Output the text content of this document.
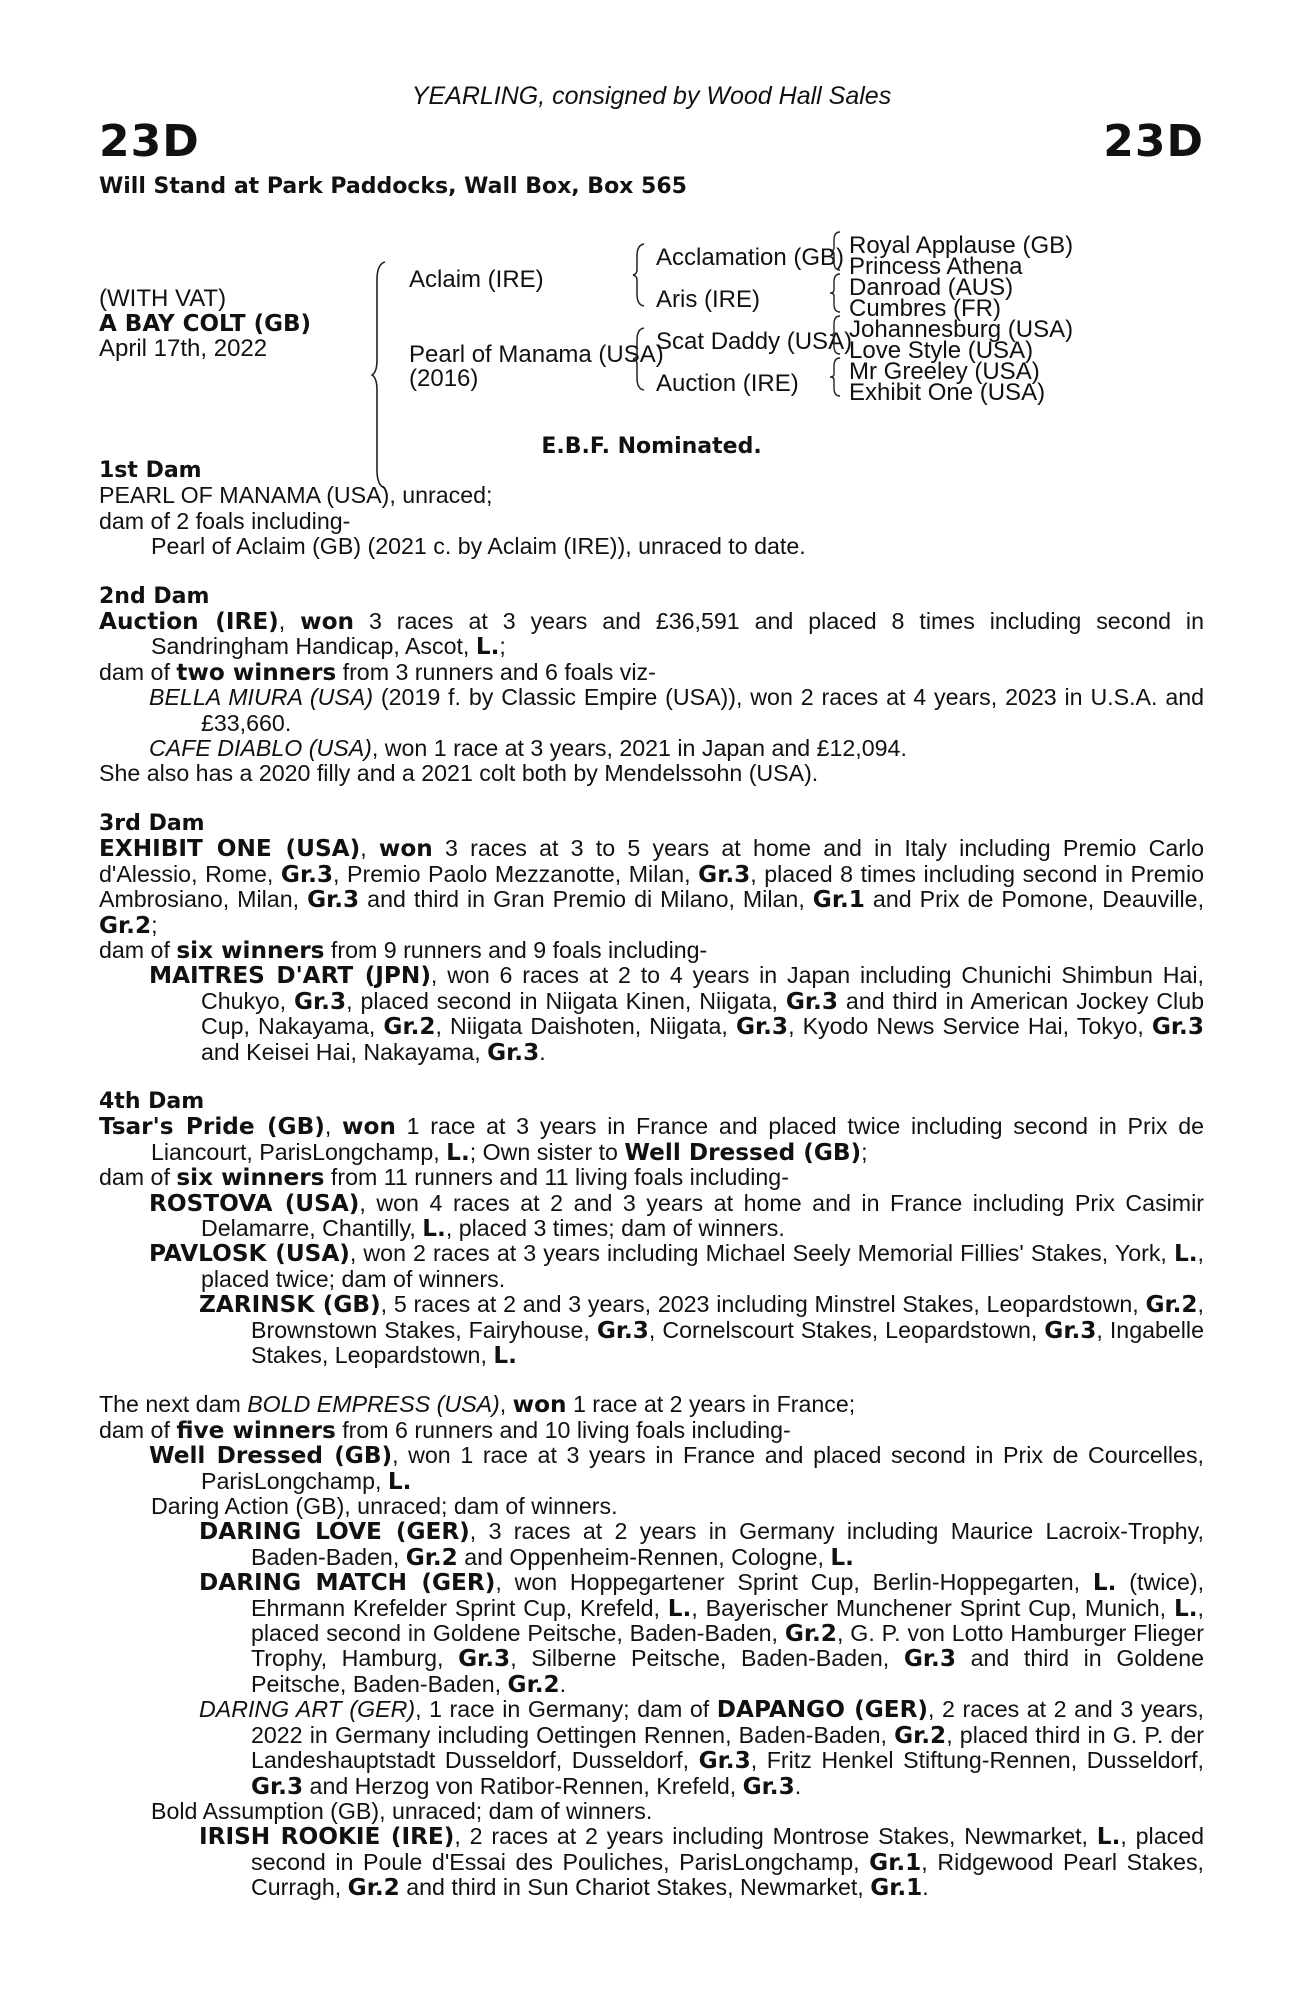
YEARLING, consigned by Wood Hall Sales
23D	23D
Will Stand at Park Paddocks, Wall Box, Box 565
(WITH VAT)
A BAY COLT (GB)
April 17th, 2022
Aclaim (IRE)
Pearl of Manama (USA)
(2016)
Acclamation (GB)
Aris (IRE)
Scat Daddy (USA)
Auction (IRE)
Royal Applause (GB)
Princess Athena
Danroad (AUS)
Cumbres (FR)
Johannesburg (USA)
Love Style (USA)
Mr Greeley (USA)
Exhibit One (USA)
E.B.F. Nominated.
1st Dam
PEARL OF MANAMA (USA), unraced;
dam of 2 foals including-
Pearl of Aclaim (GB) (2021 c. by Aclaim (IRE)), unraced to date.
2nd Dam
Auction (IRE), won 3 races at 3 years and £36,591 and placed 8 times including second in Sandringham Handicap, Ascot, L.;
dam of two winners from 3 runners and 6 foals viz-
BELLA MIURA (USA) (2019 f. by Classic Empire (USA)), won 2 races at 4 years, 2023 in U.S.A. and £33,660.
CAFE DIABLO (USA), won 1 race at 3 years, 2021 in Japan and £12,094.
She also has a 2020 filly and a 2021 colt both by Mendelssohn (USA).
3rd Dam
EXHIBIT ONE (USA), won 3 races at 3 to 5 years at home and in Italy including Premio Carlo d'Alessio, Rome, Gr.3, Premio Paolo Mezzanotte, Milan, Gr.3, placed 8 times including second in Premio Ambrosiano, Milan, Gr.3 and third in Gran Premio di Milano, Milan, Gr.1 and Prix de Pomone, Deauville, Gr.2;
dam of six winners from 9 runners and 9 foals including-
MAITRES D'ART (JPN), won 6 races at 2 to 4 years in Japan including Chunichi Shimbun Hai, Chukyo, Gr.3, placed second in Niigata Kinen, Niigata, Gr.3 and third in American Jockey Club Cup, Nakayama, Gr.2, Niigata Daishoten, Niigata, Gr.3, Kyodo News Service Hai, Tokyo, Gr.3 and Keisei Hai, Nakayama, Gr.3.
4th Dam
Tsar's Pride (GB), won 1 race at 3 years in France and placed twice including second in Prix de Liancourt, ParisLongchamp, L.; Own sister to Well Dressed (GB);
dam of six winners from 11 runners and 11 living foals including-
ROSTOVA (USA), won 4 races at 2 and 3 years at home and in France including Prix Casimir Delamarre, Chantilly, L., placed 3 times; dam of winners.
PAVLOSK (USA), won 2 races at 3 years including Michael Seely Memorial Fillies' Stakes, York, L., placed twice; dam of winners.
ZARINSK (GB), 5 races at 2 and 3 years, 2023 including Minstrel Stakes, Leopardstown, Gr.2, Brownstown Stakes, Fairyhouse, Gr.3, Cornelscourt Stakes, Leopardstown, Gr.3, Ingabelle Stakes, Leopardstown, L.
The next dam BOLD EMPRESS (USA), won 1 race at 2 years in France;
dam of five winners from 6 runners and 10 living foals including-
Well Dressed (GB), won 1 race at 3 years in France and placed second in Prix de Courcelles, ParisLongchamp, L.
Daring Action (GB), unraced; dam of winners.
DARING LOVE (GER), 3 races at 2 years in Germany including Maurice Lacroix-Trophy, Baden-Baden, Gr.2 and Oppenheim-Rennen, Cologne, L.
DARING MATCH (GER), won Hoppegartener Sprint Cup, Berlin-Hoppegarten, L. (twice), Ehrmann Krefelder Sprint Cup, Krefeld, L., Bayerischer Munchener Sprint Cup, Munich, L., placed second in Goldene Peitsche, Baden-Baden, Gr.2, G. P. von Lotto Hamburger Flieger Trophy, Hamburg, Gr.3, Silberne Peitsche, Baden-Baden, Gr.3 and third in Goldene Peitsche, Baden-Baden, Gr.2.
DARING ART (GER), 1 race in Germany; dam of DAPANGO (GER), 2 races at 2 and 3 years, 2022 in Germany including Oettingen Rennen, Baden-Baden, Gr.2, placed third in G. P. der Landeshauptstadt Dusseldorf, Dusseldorf, Gr.3, Fritz Henkel Stiftung-Rennen, Dusseldorf, Gr.3 and Herzog von Ratibor-Rennen, Krefeld, Gr.3.
Bold Assumption (GB), unraced; dam of winners.
IRISH ROOKIE (IRE), 2 races at 2 years including Montrose Stakes, Newmarket, L., placed second in Poule d'Essai des Pouliches, ParisLongchamp, Gr.1, Ridgewood Pearl Stakes, Curragh, Gr.2 and third in Sun Chariot Stakes, Newmarket, Gr.1.
